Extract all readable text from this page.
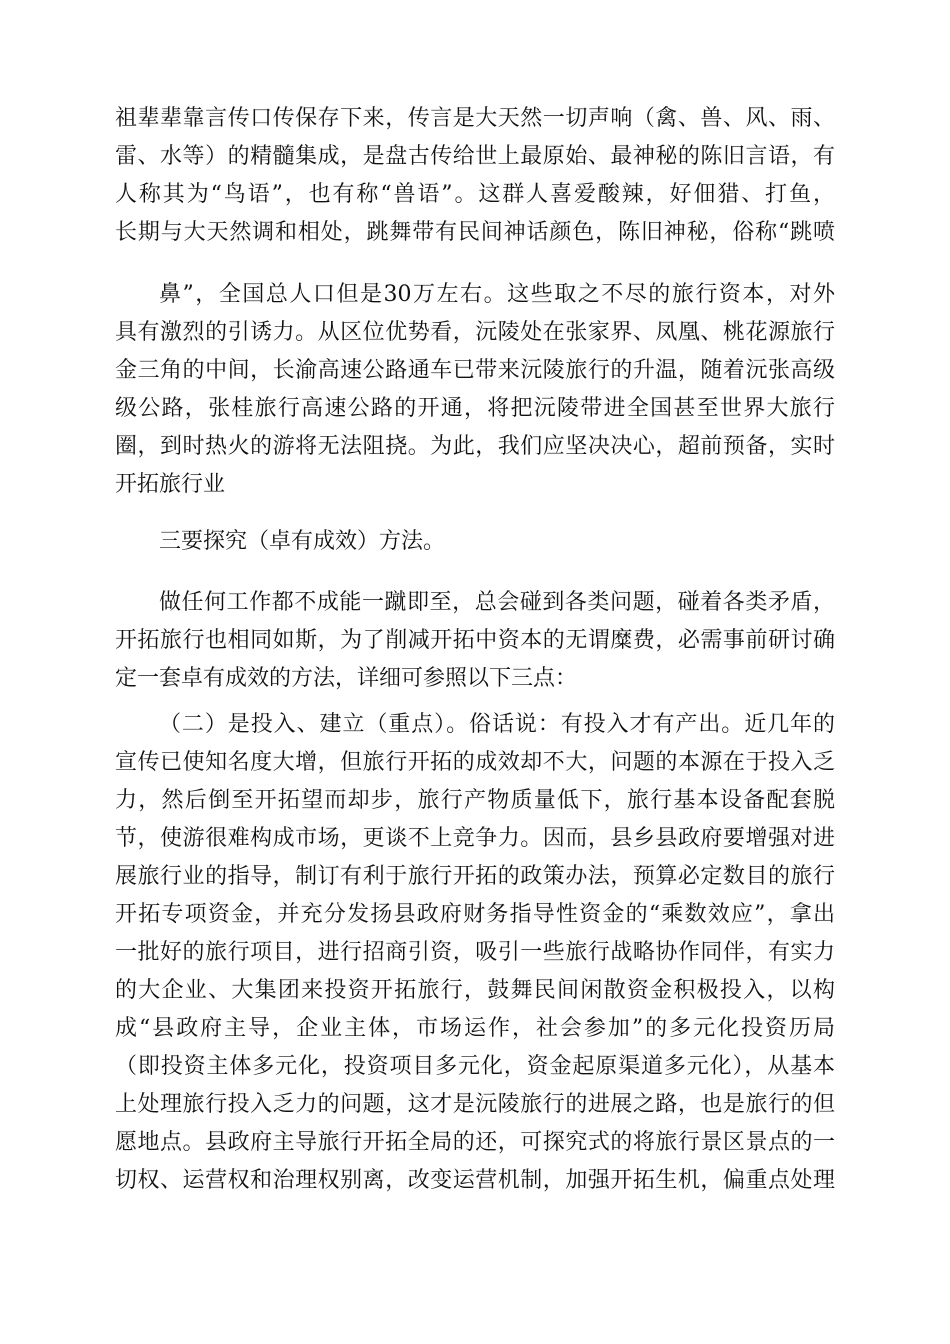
祖辈辈靠言传口传保存下来，传言是大天然一切声响（禽、兽、风、雨、
雷、水等）的精髓集成，是盘古传给世上最原始、最神秘的陈旧言语，有
人称其为“鸟语”，也有称“兽语”。这群人喜爱酸辣，好佃猎、打鱼，
长期与大天然调和相处，跳舞带有民间神话颜色，陈旧神秘，俗称“跳喷
鼻”，全国总人口但是30万左右。这些取之不尽的旅行资本，对外
具有激烈的引诱力。从区位优势看，沅陵处在张家界、凤凰、桃花源旅行
金三角的中间，长渝高速公路通车已带来沅陵旅行的升温，随着沅张高级
级公路，张桂旅行高速公路的开通，将把沅陵带进全国甚至世界大旅行
圈，到时热火的游将无法阻挠。为此，我们应坚决决心，超前预备，实时
开拓旅行业
三要探究（卓有成效）方法。
做任何工作都不成能一蹴即至，总会碰到各类问题，碰着各类矛盾，
开拓旅行也相同如斯，为了削减开拓中资本的无谓糜费，必需事前研讨确
定一套卓有成效的方法，详细可参照以下三点：
（二）是投入、建立（重点）。俗话说：有投入才有产出。近几年的
宣传已使知名度大增，但旅行开拓的成效却不大，问题的本源在于投入乏
力，然后倒至开拓望而却步，旅行产物质量低下，旅行基本设备配套脱
节，使游很难构成市场，更谈不上竞争力。因而，县乡县政府要增强对进
展旅行业的指导，制订有利于旅行开拓的政策办法，预算必定数目的旅行
开拓专项资金，并充分发扬县政府财务指导性资金的“乘数效应”，拿出
一批好的旅行项目，进行招商引资，吸引一些旅行战略协作同伴，有实力
的大企业、大集团来投资开拓旅行，鼓舞民间闲散资金积极投入，以构
成“县政府主导，企业主体，市场运作，社会参加”的多元化投资历局
（即投资主体多元化，投资项目多元化，资金起原渠道多元化），从基本
上处理旅行投入乏力的问题，这才是沅陵旅行的进展之路，也是旅行的但
愿地点。县政府主导旅行开拓全局的还，可探究式的将旅行景区景点的一
切权、运营权和治理权别离，改变运营机制，加强开拓生机，偏重点处理
